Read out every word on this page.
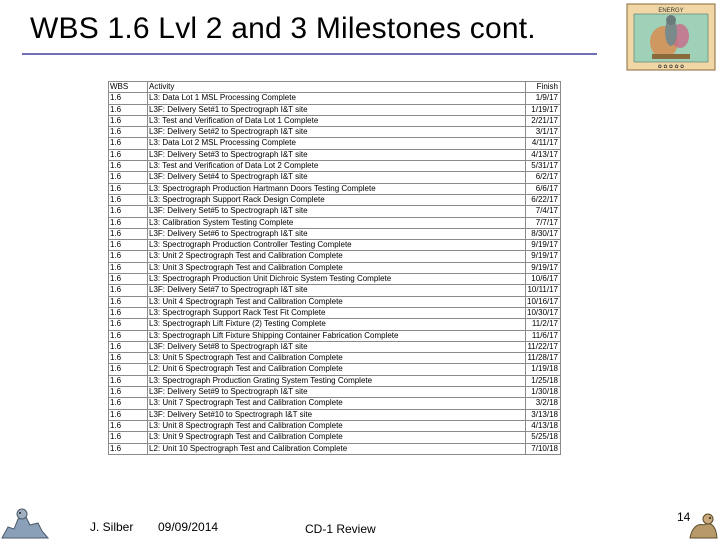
WBS 1.6 Lvl 2 and 3 Milestones cont.
ENERGY
✿ ✿ ✿ ✿ ✿
WBS	Activity	Finish
1.6	L3: Data Lot 1 MSL Processing Complete	1/9/17
1.6	L3F: Delivery Set#1 to Spectrograph I&T site	1/19/17
1.6	L3: Test and Verification of Data Lot 1 Complete	2/21/17
1.6	L3F: Delivery Set#2 to Spectrograph I&T site	3/1/17
1.6	L3: Data Lot 2 MSL Processing Complete	4/11/17
1.6	L3F: Delivery Set#3 to Spectrograph I&T site	4/13/17
1.6	L3: Test and Verification of Data Lot 2 Complete	5/31/17
1.6	L3F: Delivery Set#4 to Spectrograph I&T site	6/2/17
1.6	L3: Spectrograph Production Hartmann Doors Testing Complete	6/6/17
1.6	L3: Spectrograph Support Rack Design Complete	6/22/17
1.6	L3F: Delivery Set#5 to Spectrograph I&T site	7/4/17
1.6	L3: Calibration System Testing Complete	7/7/17
1.6	L3F: Delivery Set#6 to Spectrograph I&T site	8/30/17
1.6	L3: Spectrograph Production Controller Testing Complete	9/19/17
1.6	L3: Unit 2 Spectrograph Test and Calibration Complete	9/19/17
1.6	L3: Unit 3 Spectrograph Test and Calibration Complete	9/19/17
1.6	L3: Spectrograph Production Unit Dichroic System Testing Complete	10/6/17
1.6	L3F: Delivery Set#7 to Spectrograph I&T site	10/11/17
1.6	L3: Unit 4 Spectrograph Test and Calibration Complete	10/16/17
1.6	L3: Spectrograph Support Rack Test Fit Complete	10/30/17
1.6	L3: Spectrograph Lift Fixture (2) Testing Complete	11/2/17
1.6	L3: Spectrograph Lift Fixture Shipping Container Fabrication Complete	11/6/17
1.6	L3F: Delivery Set#8 to Spectrograph I&T site	11/22/17
1.6	L3: Unit 5 Spectrograph Test and Calibration Complete	11/28/17
1.6	L2: Unit 6 Spectrograph Test and Calibration Complete	1/19/18
1.6	L3: Spectrograph Production Grating System Testing Complete	1/25/18
1.6	L3F: Delivery Set#9 to Spectrograph I&T site	1/30/18
1.6	L3: Unit 7 Spectrograph Test and Calibration Complete	3/2/18
1.6	L3F: Delivery Set#10 to Spectrograph I&T site	3/13/18
1.6	L3: Unit 8 Spectrograph Test and Calibration Complete	4/13/18
1.6	L3: Unit 9 Spectrograph Test and Calibration Complete	5/25/18
1.6	L2: Unit 10 Spectrograph Test and Calibration Complete	7/10/18
J. Silber 09/09/2014	CD-1 Review
14
